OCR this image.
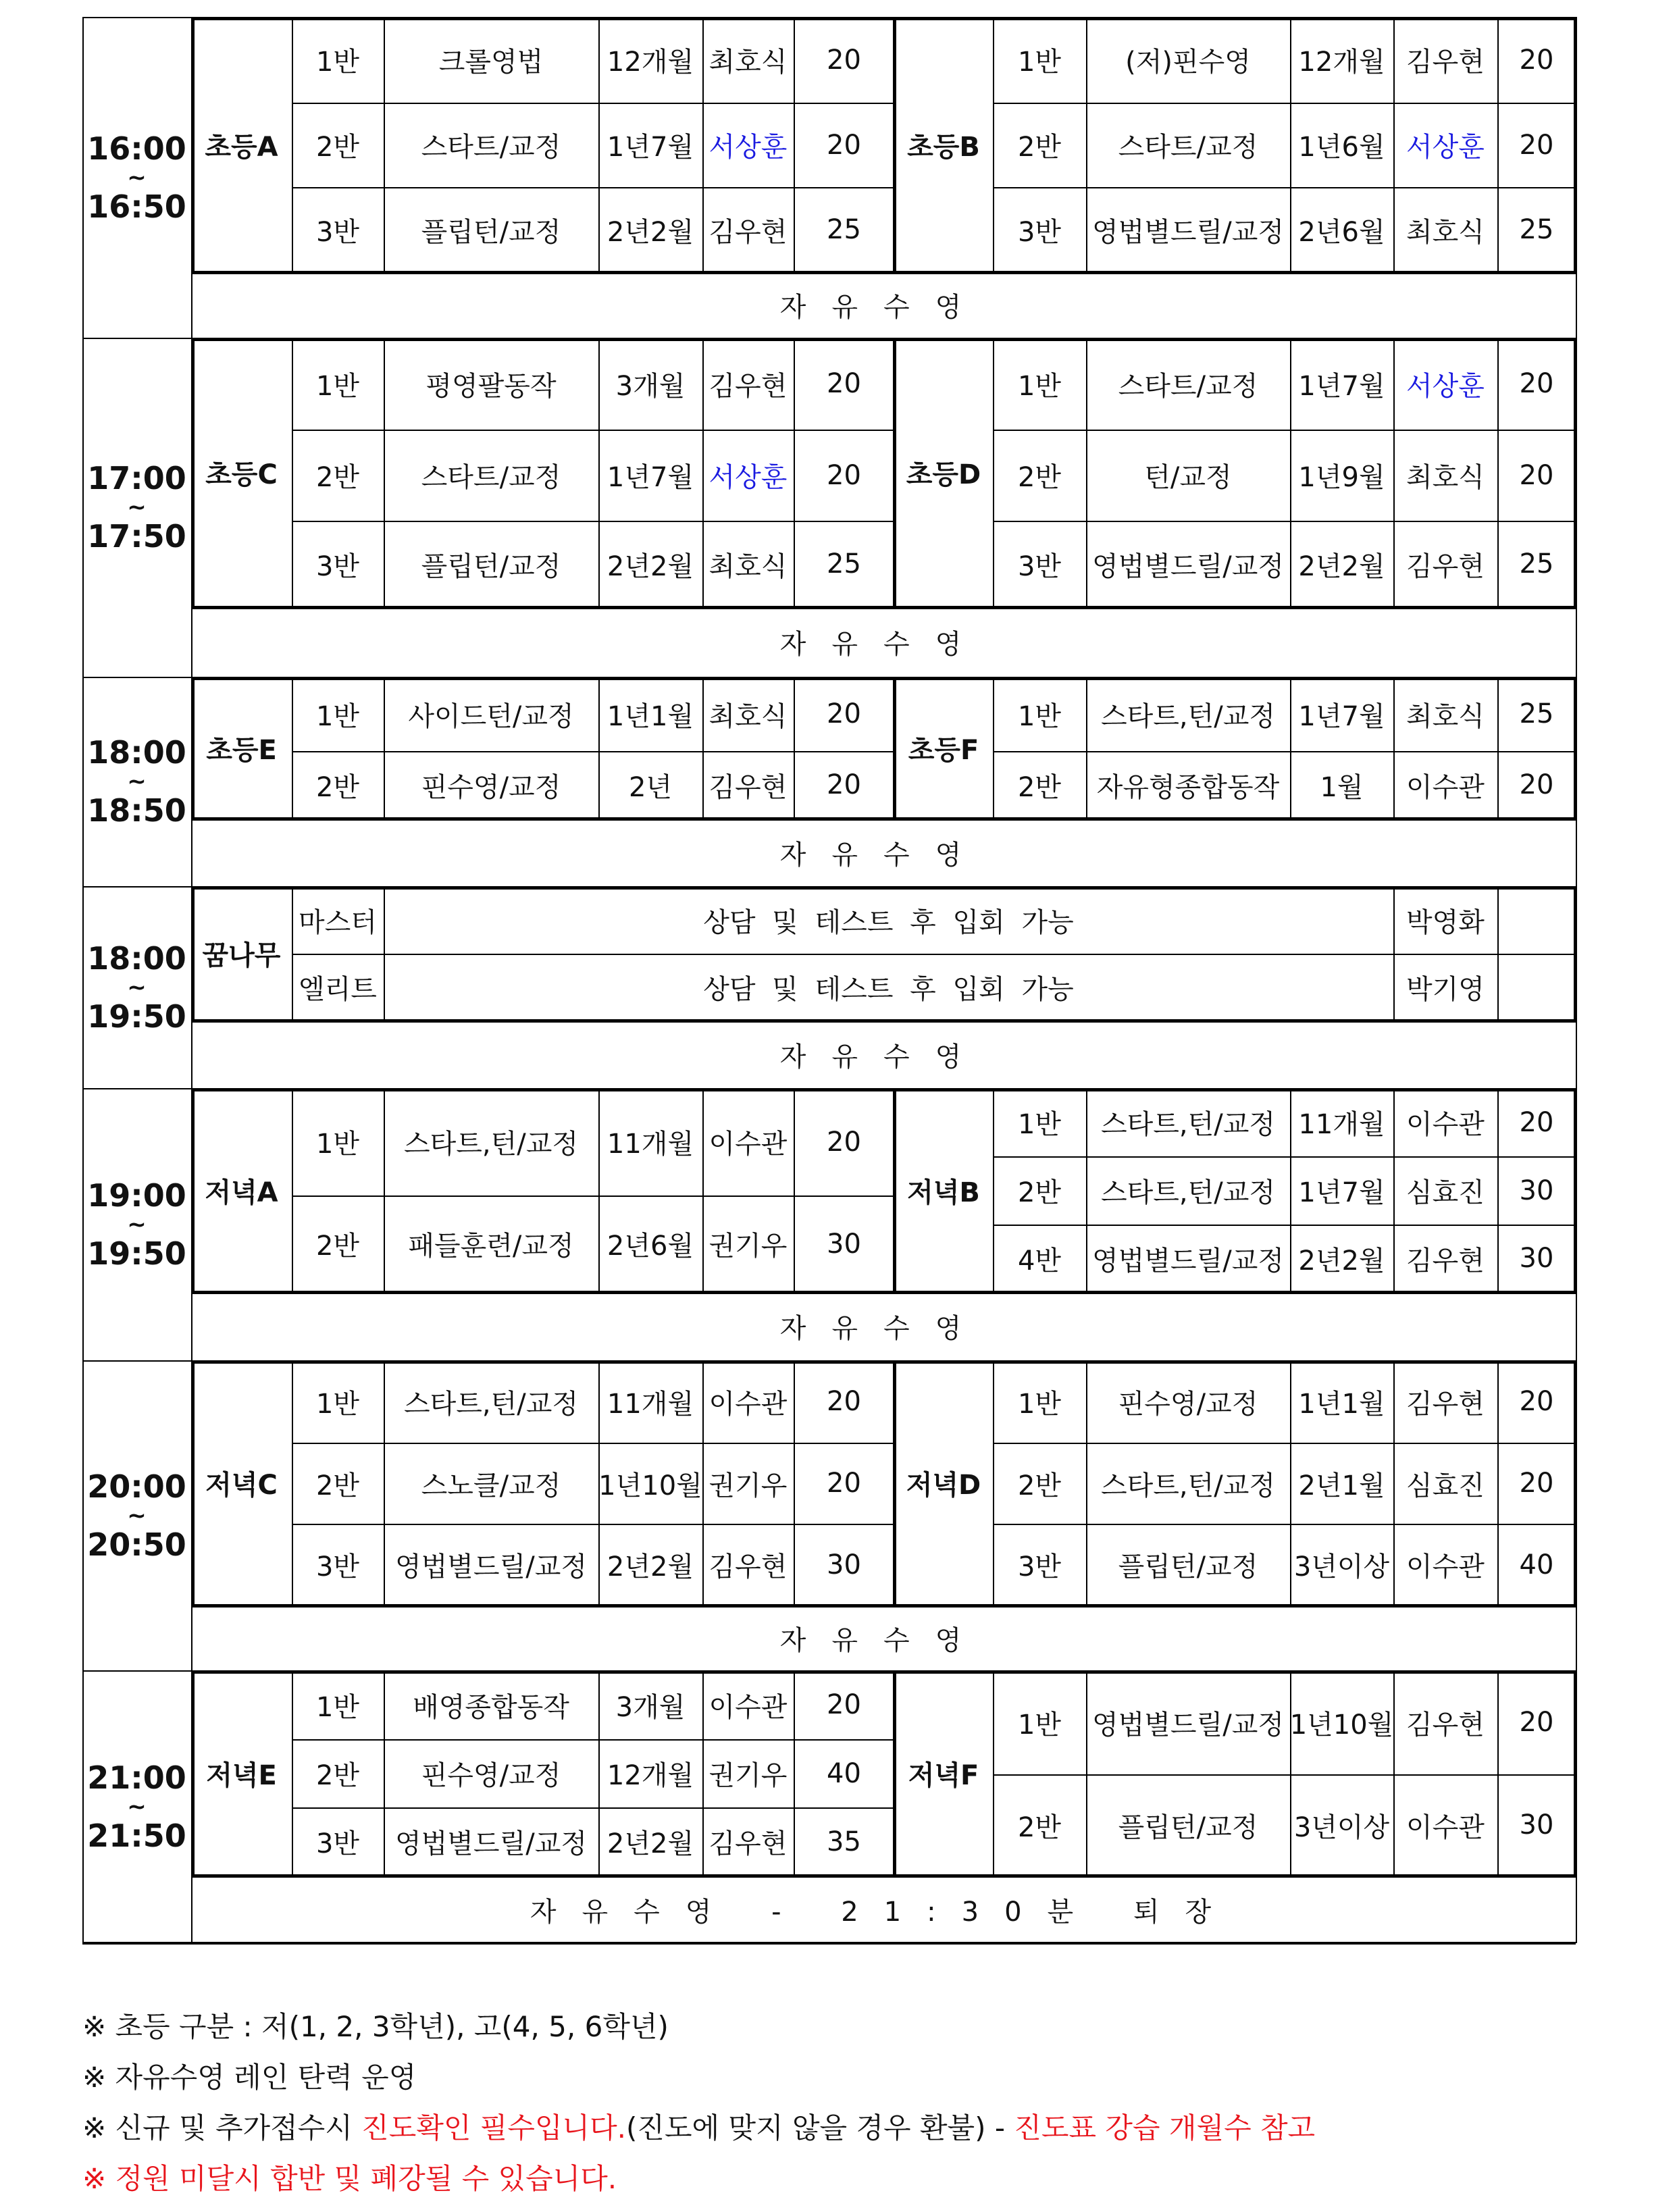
16:00
~
16:50
자유수영
초등A
1반	크롤영법	12개월 최호식	20
2반	스타트/교정	1년7월 서상훈	20
3반	플립턴/교정	2년2월 김우현	25
초등B
1반	(저)핀수영	12개월 김우현	20
2반	스타트/교정	1년6월 서상훈	20
3반	영법별드릴/교정 2년6월 최호식	25
17:00
~
17:50
자유수영
초등C
1반	평영팔동작	3개월 김우현	20
2반	스타트/교정	1년7월 서상훈	20
3반	플립턴/교정	2년2월 최호식	25
초등D
1반	스타트/교정	1년7월 서상훈	20
2반	턴/교정	1년9월 최호식	20
3반	영법별드릴/교정 2년2월 김우현	25
18:00
~
18:50
자유수영
초등E
1반	사이드턴/교정	1년1월 최호식	20
2반	핀수영/교정	2년	김우현	20
초등F
1반	스타트,턴/교정 1년7월 최호식	25
2반	자유형종합동작	1월	이수관	20
18:00
~
19:50
자유수영
꿈나무
마스터	상담 및 테스트 후 입회 가능	박영화
엘리트	상담 및 테스트 후 입회 가능	박기영
19:00
~
19:50
자유수영
저녁A
1반	스타트,턴/교정	11개월 이수관	20
2반	패들훈련/교정	2년6월 권기우	30
저녁B
1반	스타트,턴/교정 11개월 이수관	20
2반	스타트,턴/교정 1년7월 심효진	30
4반	영법별드릴/교정 2년2월 김우현	30
20:00
~
20:50
자유수영
저녁C
1반	스타트,턴/교정	11개월 이수관	20
2반	스노클/교정	1년10월 권기우	20
3반	영법별드릴/교정 2년2월 김우현	30
저녁D
1반	핀수영/교정	1년1월 김우현	20
2반	스타트,턴/교정 2년1월 심효진	20
3반	플립턴/교정	3년이상 이수관	40
21:00
~
21:50
자유수영 - 21:30분 퇴장
저녁E
1반	배영종합동작	3개월 이수관	20
2반	핀수영/교정	12개월 권기우	40
3반	영법별드릴/교정 2년2월 김우현	35
저녁F
1반	영법별드릴/교정 1년10월 김우현	20
2반	플립턴/교정	3년이상 이수관	30
※ 초등 구분 : 저(1, 2, 3학년), 고(4, 5, 6학년)
※ 자유수영 레인 탄력 운영
※ 신규 및 추가접수시 진도확인 필수입니다.(진도에 맞지 않을 경우 환불) - 진도표 강습 개월수 참고
※ 정원 미달시 합반 및 폐강될 수 있습니다.
